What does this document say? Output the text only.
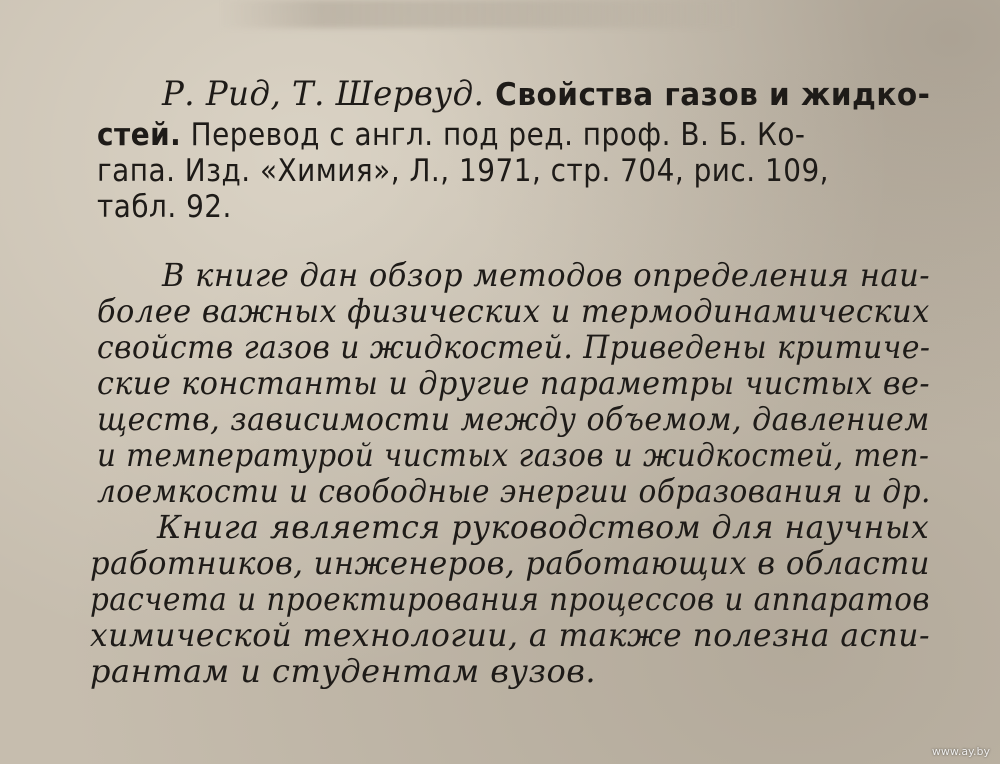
Р. Рид, Т. Шервуд. Свойства газов и жидко-
стей. Перевод с англ. под ред. проф. В. Б. Ко-
гапа. Изд. «Химия», Л., 1971, стр. 704, рис. 109,
табл. 92.
В книге дан обзор методов определения наи-
более важных физических и термодинамических
свойств газов и жидкостей. Приведены критиче-
ские константы и другие параметры чистых ве-
ществ, зависимости между объемом, давлением
и температурой чистых газов и жидкостей, теп-
лоемкости и свободные энергии образования и др.
Книга является руководством для научных
работников, инженеров, работающих в области
расчета и проектирования процессов и аппаратов
химической технологии, а также полезна аспи-
рантам и студентам вузов.
www.ay.by
